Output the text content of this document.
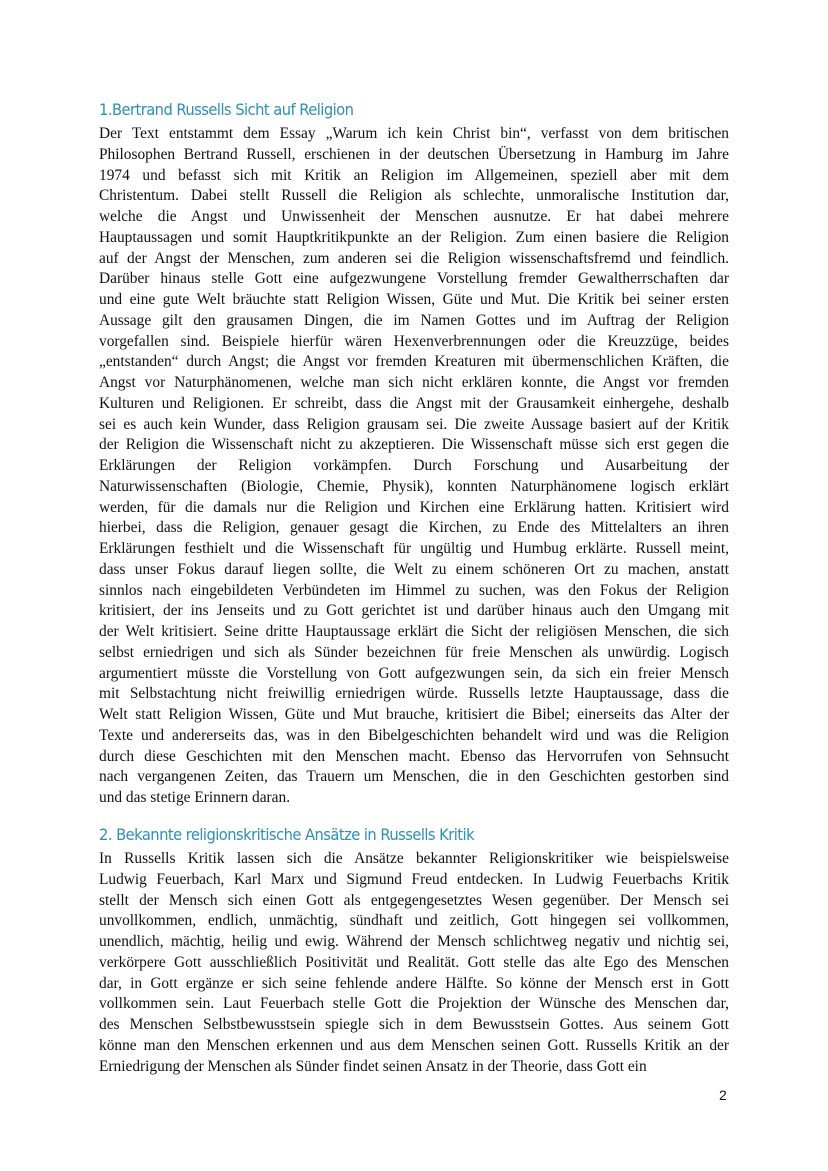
1.Bertrand Russells Sicht auf Religion
Der Text entstammt dem Essay „Warum ich kein Christ bin“, verfasst von dem britischen
Philosophen Bertrand Russell, erschienen in der deutschen Übersetzung in Hamburg im Jahre
1974 und befasst sich mit Kritik an Religion im Allgemeinen, speziell aber mit dem
Christentum. Dabei stellt Russell die Religion als schlechte, unmoralische Institution dar,
welche die Angst und Unwissenheit der Menschen ausnutze. Er hat dabei mehrere
Hauptaussagen und somit Hauptkritikpunkte an der Religion. Zum einen basiere die Religion
auf der Angst der Menschen, zum anderen sei die Religion wissenschaftsfremd und feindlich.
Darüber hinaus stelle Gott eine aufgezwungene Vorstellung fremder Gewaltherrschaften dar
und eine gute Welt bräuchte statt Religion Wissen, Güte und Mut. Die Kritik bei seiner ersten
Aussage gilt den grausamen Dingen, die im Namen Gottes und im Auftrag der Religion
vorgefallen sind. Beispiele hierfür wären Hexenverbrennungen oder die Kreuzzüge, beides
„entstanden“ durch Angst; die Angst vor fremden Kreaturen mit übermenschlichen Kräften, die
Angst vor Naturphänomenen, welche man sich nicht erklären konnte, die Angst vor fremden
Kulturen und Religionen. Er schreibt, dass die Angst mit der Grausamkeit einhergehe, deshalb
sei es auch kein Wunder, dass Religion grausam sei. Die zweite Aussage basiert auf der Kritik
der Religion die Wissenschaft nicht zu akzeptieren. Die Wissenschaft müsse sich erst gegen die
Erklärungen der Religion vorkämpfen. Durch Forschung und Ausarbeitung der
Naturwissenschaften (Biologie, Chemie, Physik), konnten Naturphänomene logisch erklärt
werden, für die damals nur die Religion und Kirchen eine Erklärung hatten. Kritisiert wird
hierbei, dass die Religion, genauer gesagt die Kirchen, zu Ende des Mittelalters an ihren
Erklärungen festhielt und die Wissenschaft für ungültig und Humbug erklärte. Russell meint,
dass unser Fokus darauf liegen sollte, die Welt zu einem schöneren Ort zu machen, anstatt
sinnlos nach eingebildeten Verbündeten im Himmel zu suchen, was den Fokus der Religion
kritisiert, der ins Jenseits und zu Gott gerichtet ist und darüber hinaus auch den Umgang mit
der Welt kritisiert. Seine dritte Hauptaussage erklärt die Sicht der religiösen Menschen, die sich
selbst erniedrigen und sich als Sünder bezeichnen für freie Menschen als unwürdig. Logisch
argumentiert müsste die Vorstellung von Gott aufgezwungen sein, da sich ein freier Mensch
mit Selbstachtung nicht freiwillig erniedrigen würde. Russells letzte Hauptaussage, dass die
Welt statt Religion Wissen, Güte und Mut brauche, kritisiert die Bibel; einerseits das Alter der
Texte und andererseits das, was in den Bibelgeschichten behandelt wird und was die Religion
durch diese Geschichten mit den Menschen macht. Ebenso das Hervorrufen von Sehnsucht
nach vergangenen Zeiten, das Trauern um Menschen, die in den Geschichten gestorben sind
und das stetige Erinnern daran.
2. Bekannte religionskritische Ansätze in Russells Kritik
In Russells Kritik lassen sich die Ansätze bekannter Religionskritiker wie beispielsweise
Ludwig Feuerbach, Karl Marx und Sigmund Freud entdecken. In Ludwig Feuerbachs Kritik
stellt der Mensch sich einen Gott als entgegengesetztes Wesen gegenüber. Der Mensch sei
unvollkommen, endlich, unmächtig, sündhaft und zeitlich, Gott hingegen sei vollkommen,
unendlich, mächtig, heilig und ewig. Während der Mensch schlichtweg negativ und nichtig sei,
verkörpere Gott ausschließlich Positivität und Realität. Gott stelle das alte Ego des Menschen
dar, in Gott ergänze er sich seine fehlende andere Hälfte. So könne der Mensch erst in Gott
vollkommen sein. Laut Feuerbach stelle Gott die Projektion der Wünsche des Menschen dar,
des Menschen Selbstbewusstsein spiegle sich in dem Bewusstsein Gottes. Aus seinem Gott
könne man den Menschen erkennen und aus dem Menschen seinen Gott. Russells Kritik an der
Erniedrigung der Menschen als Sünder findet seinen Ansatz in der Theorie, dass Gott ein
2
